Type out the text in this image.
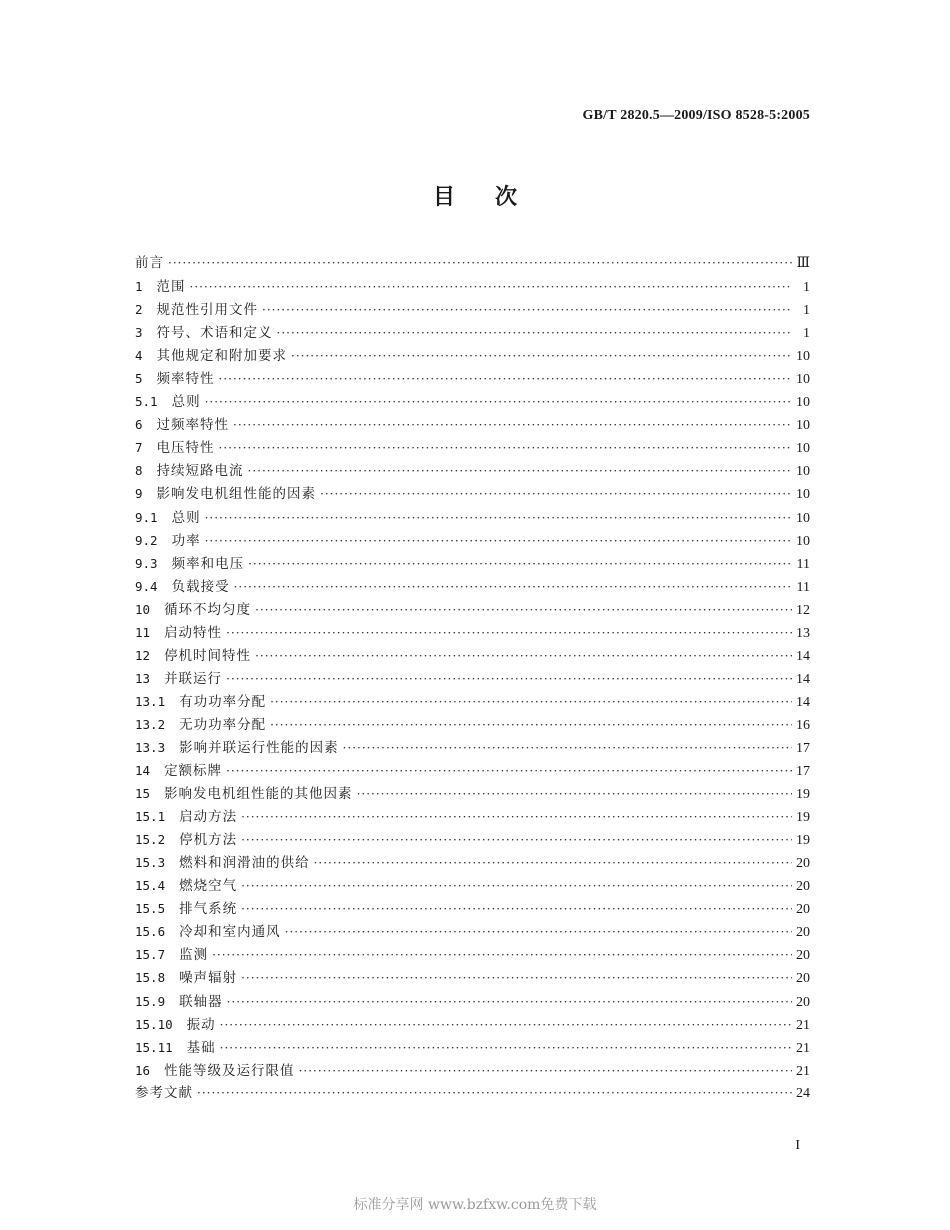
GB/T 2820.5—2009/ISO 8528-5:2005
目次
前言 ·····	Ⅲ
1	范围 ·····	1
2	规范性引用文件 ·····	1
3	符号、术语和定义 ·····	1
4	其他规定和附加要求 ·····	10
5	频率特性 ·····	10
5.1	总则 ·····	10
6	过频率特性 ·····	10
7	电压特性 ·····	10
8	持续短路电流 ·····	10
9	影响发电机组性能的因素 ·····	10
9.1	总则 ·····	10
9.2	功率 ·····	10
9.3	频率和电压 ·····	11
9.4	负载接受 ·····	11
10	循环不均匀度 ·····	12
11	启动特性 ·····	13
12	停机时间特性 ·····	14
13	并联运行 ·····	14
13.1	有功功率分配 ·····	14
13.2	无功功率分配 ·····	16
13.3	影响并联运行性能的因素 ·····	17
14	定额标牌 ·····	17
15	影响发电机组性能的其他因素 ·····	19
15.1	启动方法 ·····	19
15.2	停机方法 ·····	19
15.3	燃料和润滑油的供给 ·····	20
15.4	燃烧空气 ·····	20
15.5	排气系统 ·····	20
15.6	冷却和室内通风 ·····	20
15.7	监测 ·····	20
15.8	噪声辐射 ·····	20
15.9	联轴器 ·····	20
15.10	振动 ·····	21
15.11	基础 ·····	21
16	性能等级及运行限值 ·····	21
参考文献 ·····	24
I
标准分享网 www.bzfxw.com免费下载
